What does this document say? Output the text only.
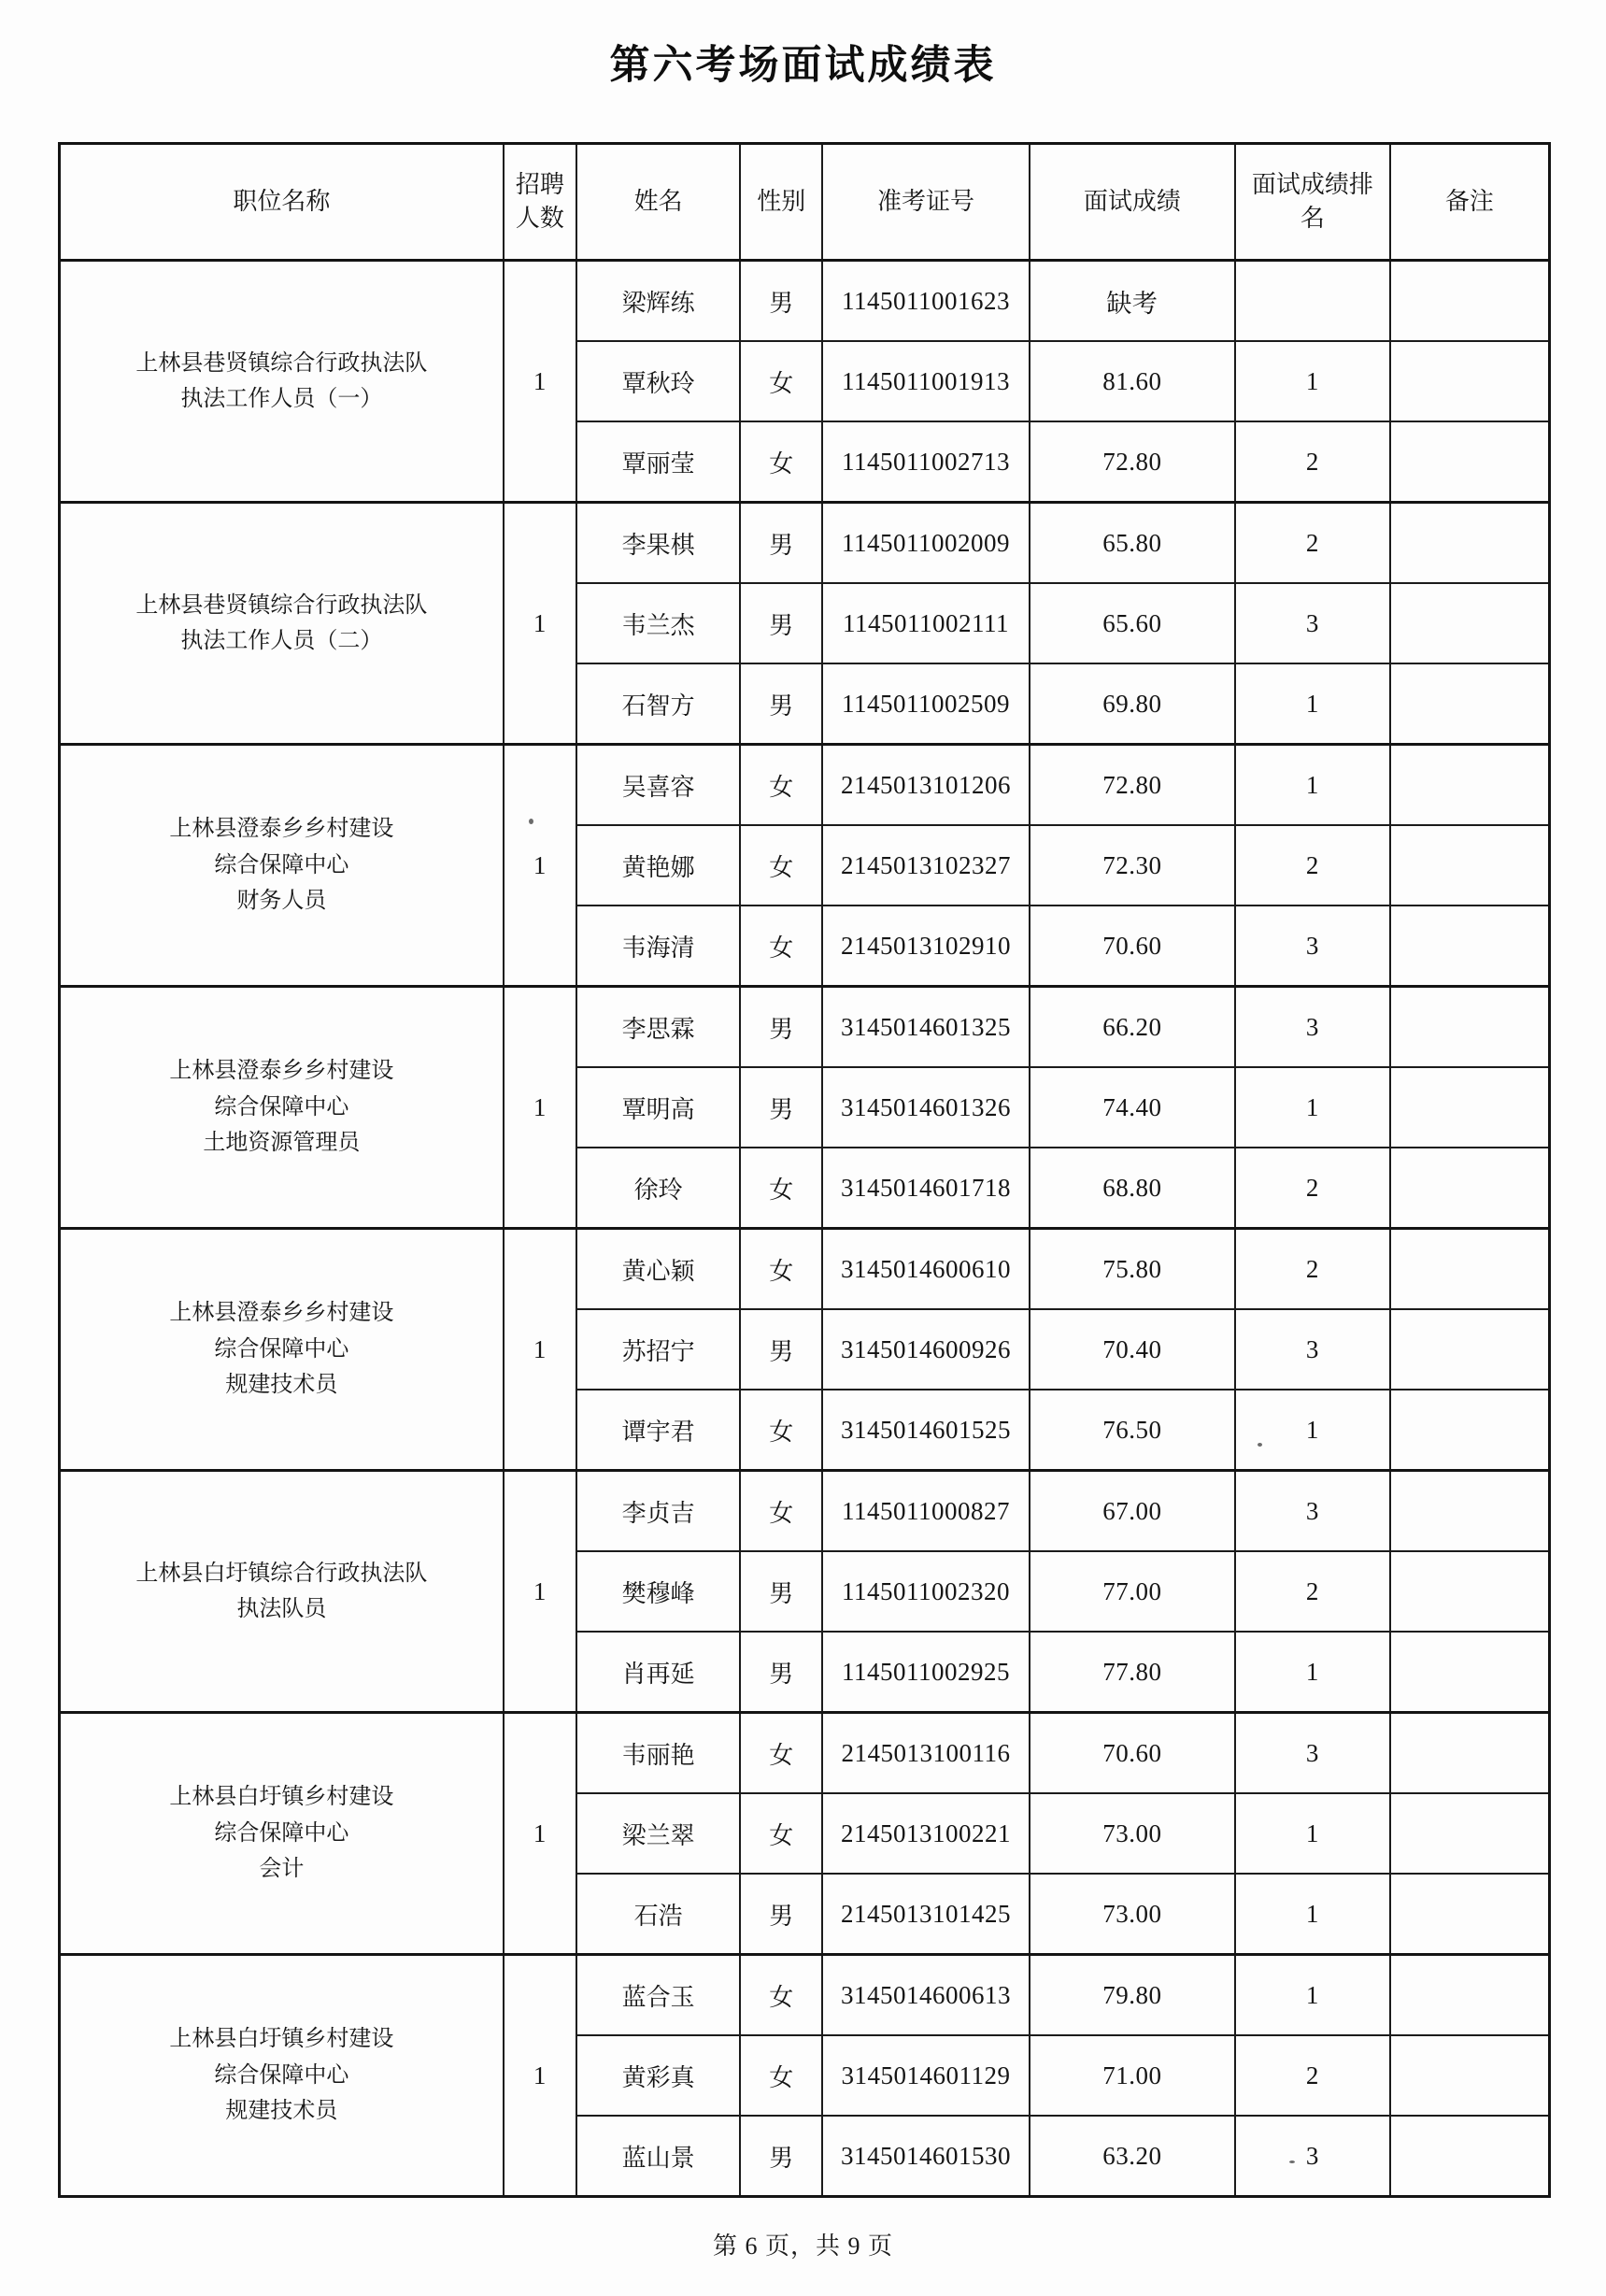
第六考场面试成绩表
职位名称	招聘人数	姓名	性别	准考证号	面试成绩	面试成绩排名	备注

上林县巷贤镇综合行政执法队
执法工作人员（一）	1	梁辉练	男	1145011001623	缺考		
		覃秋玲	女	1145011001913	81.60	1	
		覃丽莹	女	1145011002713	72.80	2	

上林县巷贤镇综合行政执法队
执法工作人员（二）	1	李果棋	男	1145011002009	65.80	2	
		韦兰杰	男	1145011002111	65.60	3	
		石智方	男	1145011002509	69.80	1	

上林县澄泰乡乡村建设
综合保障中心
财务人员	1	吴喜容	女	2145013101206	72.80	1	
		黄艳娜	女	2145013102327	72.30	2	
		韦海清	女	2145013102910	70.60	3	

上林县澄泰乡乡村建设
综合保障中心
土地资源管理员	1	李思霖	男	3145014601325	66.20	3	
		覃明高	男	3145014601326	74.40	1	
		徐玲	女	3145014601718	68.80	2	

上林县澄泰乡乡村建设
综合保障中心
规建技术员	1	黄心颖	女	3145014600610	75.80	2	
		苏招宁	男	3145014600926	70.40	3	
		谭宇君	女	3145014601525	76.50	1	

上林县白圩镇综合行政执法队
执法队员	1	李贞吉	女	1145011000827	67.00	3	
		樊穆峰	男	1145011002320	77.00	2	
		肖再延	男	1145011002925	77.80	1	

上林县白圩镇乡村建设
综合保障中心
会计	1	韦丽艳	女	2145013100116	70.60	3	
		梁兰翠	女	2145013100221	73.00	1	
		石浩	男	2145013101425	73.00	1	

上林县白圩镇乡村建设
综合保障中心
规建技术员	1	蓝合玉	女	3145014600613	79.80	1	
		黄彩真	女	3145014601129	71.00	2	
		蓝山景	男	3145014601530	63.20	3	
第 6 页，共 9 页
